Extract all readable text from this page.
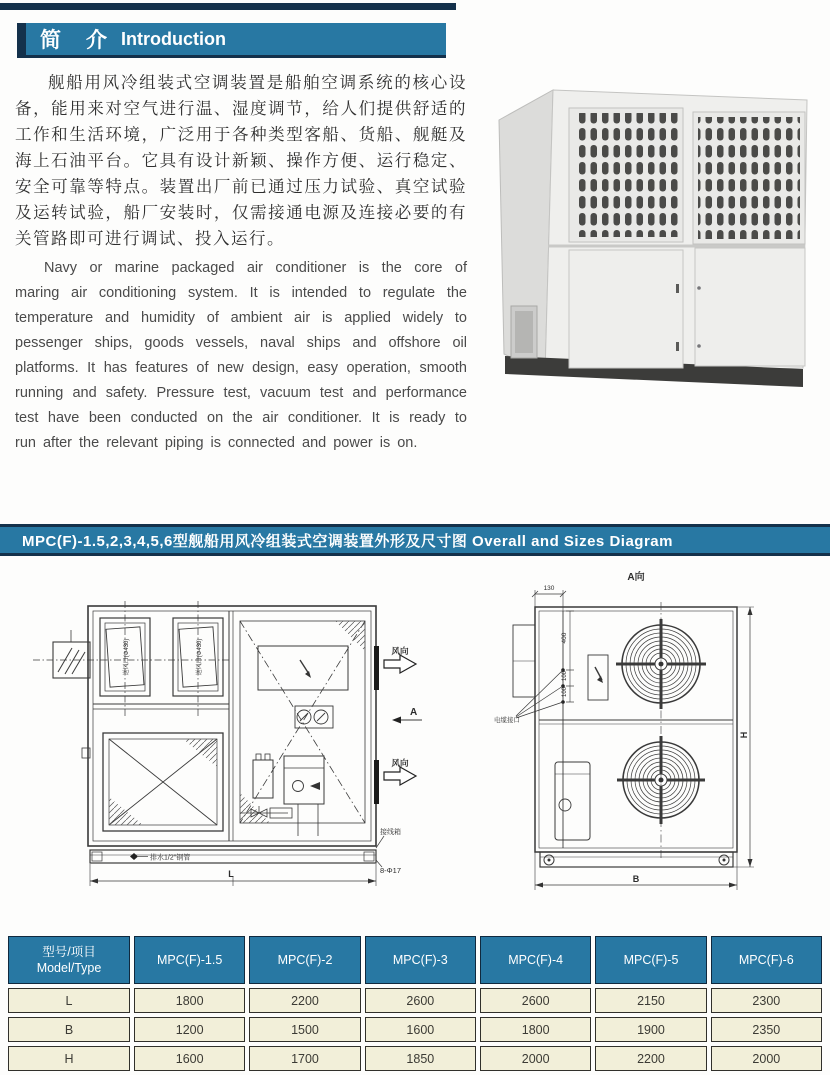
简　介 Introduction

舰船用风冷组装式空调装置是船舶空调系统的核心设备，能用来对空气进行温、湿度调节，给人们提供舒适的工作和生活环境，广泛用于各种类型客船、货船、舰艇及海上石油平台。它具有设计新颖、操作方便、运行稳定、安全可靠等特点。装置出厂前已通过压力试验、真空试验及运转试验，船厂安装时，仅需接通电源及连接必要的有关管路即可进行调试、投入运行。

Navy or marine packaged air conditioner is the core of maring air conditioning system. It is intended to regulate the temperature and humidity of ambient air is applied widely to pessenger ships, goods vessels, naval ships and offshore oil platforms. It has features of new design, easy operation, smooth running and safety. Pressure test, vacuum test and performance test have been conducted on the air conditioner. It is ready to run after the relevant piping is connected and power is on.

MPC(F)-1.5,2,3,4,5,6型舰船用风冷组装式空调装置外形及尺寸图 Overall and Sizes Diagram
送风口(Φ430)	送风口(Φ430)	风向
风向
A
排水1/2″钢管
接线箱
8-Φ17
L
A向
130
400
100
100
电缆接口
B
H
型号/项目
Model/Type
MPC(F)-1.5	MPC(F)-2	MPC(F)-3	MPC(F)-4	MPC(F)-5	MPC(F)-6
L	1800	2200	2600	2600	2150	2300
B	1200	1500	1600	1800	1900	2350
H	1600	1700	1850	2000	2200	2000
